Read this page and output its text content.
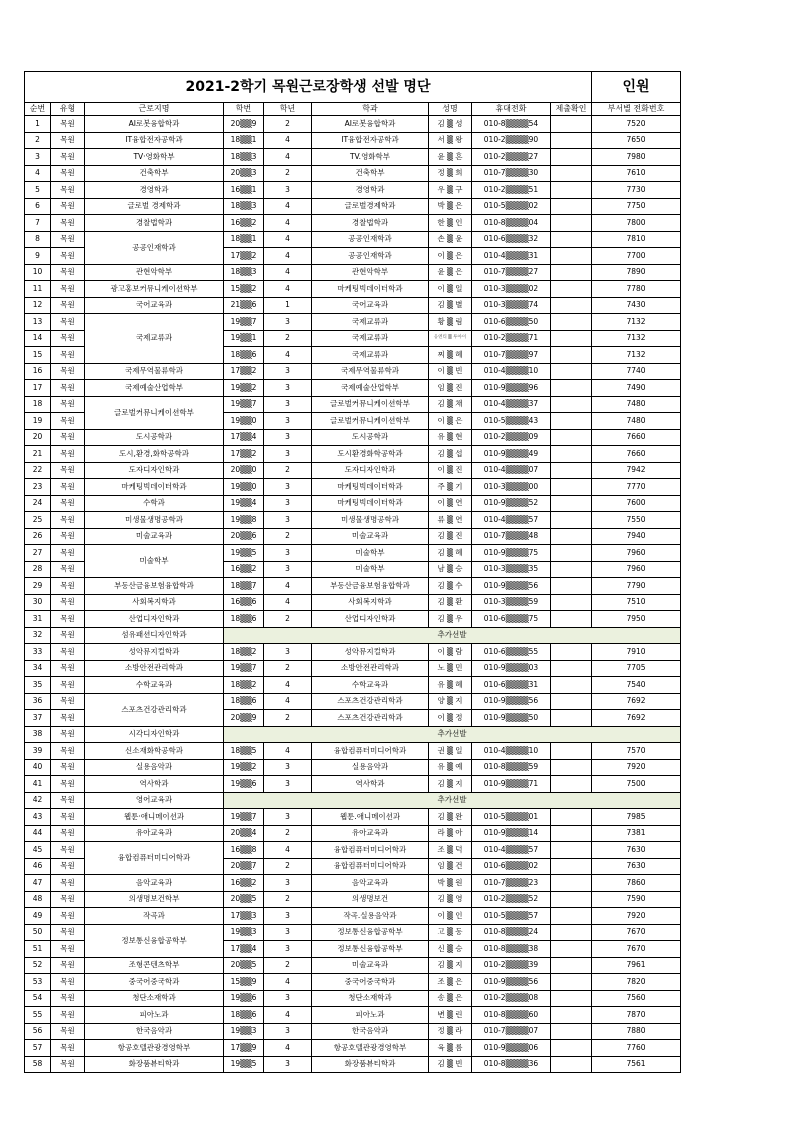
2021-2학기 목원근로장학생 선발 명단									인원	
순번	유형	근로지명	학번	학년	학과	성명	휴대전화	제출확인	부서별 전화번호	
1	목원	AI로봇융합학과	20▒▒9	2	AI로봇융합학과	김 ▒ 성	010-8▒▒▒▒54		7520	
2	목원	IT융합전자공학과	18▒▒1	4	IT융합전자공학과	서 ▒ 왕	010-2▒▒▒▒90		7650	
3	목원	TV·영화학부	18▒▒3	4	TV.영화학부	윤 ▒ 흔	010-2▒▒▒▒27		7980	
4	목원	건축학부	20▒▒3	2	건축학부	정 ▒ 희	010-7▒▒▒▒30		7610	
5	목원	경영학과	16▒▒1	3	경영학과	우 ▒ 구	010-2▒▒▒▒51		7730	
6	목원	글로벌 경제학과	18▒▒3	4	글로벌경제학과	박 ▒ 은	010-5▒▒▒▒02		7750	
7	목원	경찰법학과	16▒▒2	4	경찰법학과	한 ▒ 인	010-8▒▒▒▒04		7800	
8	목원	공공인재학과	18▒▒1	4	공공인재학과	손 ▒ 윤	010-6▒▒▒▒32		7810	
9	목원		17▒▒2	4	공공인재학과	이 ▒ 은	010-4▒▒▒▒31		7700	
10	목원	관현악학부	18▒▒3	4	관현악학부	윤 ▒ 은	010-7▒▒▒▒27		7890	
11	목원	광고홍보커뮤니케이션학부	15▒▒2	4	마케팅빅데이터학과	이 ▒ 일	010-3▒▒▒▒02		7780	
12	목원	국어교육과	21▒▒6	1	국어교육과	김 ▒ 별	010-3▒▒▒▒74		7430	
13	목원	국제교류과	19▒▒7	3	국제교류과	황 ▒ 림	010-6▒▒▒▒50		7132	
14	목원		19▒▒1	2	국제교류과	응엔티 ▒ 투아이	010-2▒▒▒▒71		7132	
15	목원		18▒▒6	4	국제교류과	찌 ▒ 혜	010-7▒▒▒▒97		7132	
16	목원	국제무역물류학과	17▒▒2	3	국제무역물류학과	이 ▒ 빈	010-4▒▒▒▒10		7740	
17	목원	국제예술산업학부	19▒▒2	3	국제예술산업학부	임 ▒ 진	010-9▒▒▒▒96		7490	
18	목원	글로벌커뮤니케이션학부	19▒▒7	3	글로벌커뮤니케이션학부	김 ▒ 채	010-4▒▒▒▒37		7480	
19	목원		19▒▒0	3	글로벌커뮤니케이션학부	이 ▒ 은	010-5▒▒▒▒43		7480	
20	목원	도시공학과	17▒▒4	3	도시공학과	유 ▒ 현	010-2▒▒▒▒09		7660	
21	목원	도시,환경,화학공학과	17▒▒2	3	도시환경화학공학과	김 ▒ 섭	010-9▒▒▒▒49		7660	
22	목원	도자디자인학과	20▒▒0	2	도자디자인학과	이 ▒ 진	010-4▒▒▒▒07		7942	
23	목원	마케팅빅데이터학과	19▒▒0	3	마케팅빅데이터학과	주 ▒ 기	010-3▒▒▒▒00		7770	
24	목원	수학과	19▒▒4	3	마케팅빅데이터학과	이 ▒ 연	010-9▒▒▒▒52		7600	
25	목원	미생물생명공학과	19▒▒8	3	미생물생명공학과	류 ▒ 연	010-4▒▒▒▒57		7550	
26	목원	미술교육과	20▒▒6	2	미술교육과	김 ▒ 진	010-7▒▒▒▒48		7940	
27	목원	미술학부	19▒▒5	3	미술학부	김 ▒ 혜	010-9▒▒▒▒75		7960	
28	목원		16▒▒2	3	미술학부	남 ▒ 승	010-3▒▒▒▒35		7960	
29	목원	부동산금융보험융합학과	18▒▒7	4	부동산금융보험융합학과	김 ▒ 수	010-9▒▒▒▒56		7790	
30	목원	사회복지학과	16▒▒6	4	사회복지학과	김 ▒ 환	010-3▒▒▒▒59		7510	
31	목원	산업디자인학과	18▒▒6	2	산업디자인학과	김 ▒ 우	010-6▒▒▒▒75		7950	
32	목원	섬유패션디자인학과	추가선발	
33	목원	성악뮤지컬학과	18▒▒2	3	성악뮤지컬학과	이 ▒ 람	010-6▒▒▒▒55		7910	
34	목원	소방안전관리학과	19▒▒7	2	소방안전관리학과	노 ▒ 민	010-9▒▒▒▒03		7705	
35	목원	수학교육과	18▒▒2	4	수학교육과	유 ▒ 혜	010-6▒▒▒▒31		7540	
36	목원	스포츠건강관리학과	18▒▒6	4	스포츠건강관리학과	양 ▒ 지	010-9▒▒▒▒56		7692	
37	목원		20▒▒9	2	스포츠건강관리학과	이 ▒ 정	010-9▒▒▒▒50		7692	
38	목원	시각디자인학과	추가선발	
39	목원	신소재화학공학과	18▒▒5	4	융합컴퓨터미디어학과	권 ▒ 일	010-4▒▒▒▒10		7570	
40	목원	실용음악과	19▒▒2	3	실용음악과	유 ▒ 예	010-8▒▒▒▒59		7920	
41	목원	역사학과	19▒▒6	3	역사학과	김 ▒ 지	010-9▒▒▒▒71		7500	
42	목원	영어교육과	추가선발	
43	목원	웹툰·애니메이션과	19▒▒7	3	웹툰.애니메이션과	김 ▒ 완	010-5▒▒▒▒01		7985	
44	목원	유아교육과	20▒▒4	2	유아교육과	라 ▒ 아	010-9▒▒▒▒14		7381	
45	목원	융합컴퓨터미디어학과	16▒▒8	4	융합컴퓨터미디어학과	조 ▒ 덕	010-4▒▒▒▒57		7630	
46	목원		20▒▒7	2	융합컴퓨터미디어학과	임 ▒ 건	010-6▒▒▒▒02		7630	
47	목원	음악교육과	16▒▒2	3	음악교육과	박 ▒ 원	010-7▒▒▒▒23		7860	
48	목원	의생명보건학부	20▒▒5	2	의생명보건	김 ▒ 영	010-2▒▒▒▒52		7590	
49	목원	작곡과	17▒▒3	3	작곡.실용음악과	이 ▒ 인	010-5▒▒▒▒57		7920	
50	목원	정보통신융합공학부	19▒▒3	3	정보통신융합공학부	고 ▒ 동	010-8▒▒▒▒24		7670	
51	목원		17▒▒4	3	정보통신융합공학부	신 ▒ 승	010-8▒▒▒▒38		7670	
52	목원	조형콘텐츠학부	20▒▒5	2	미술교육과	김 ▒ 지	010-2▒▒▒▒39		7961	
53	목원	중국어중국학과	15▒▒9	4	중국어중국학과	조 ▒ 은	010-9▒▒▒▒56		7820	
54	목원	청단소재학과	19▒▒6	3	청단소재학과	송 ▒ 은	010-2▒▒▒▒08		7560	
55	목원	피아노과	18▒▒6	4	피아노과	변 ▒ 린	010-8▒▒▒▒60		7870	
56	목원	한국음악과	19▒▒3	3	한국음악과	정 ▒ 라	010-7▒▒▒▒07		7880	
57	목원	항공호텔관광경영학부	17▒▒9	4	항공호텔관광경영학부	육 ▒ 름	010-9▒▒▒▒06		7760	
58	목원	화장품뷰티학과	19▒▒5	3	화장품뷰티학과	김 ▒ 빈	010-8▒▒▒▒36		7561	
